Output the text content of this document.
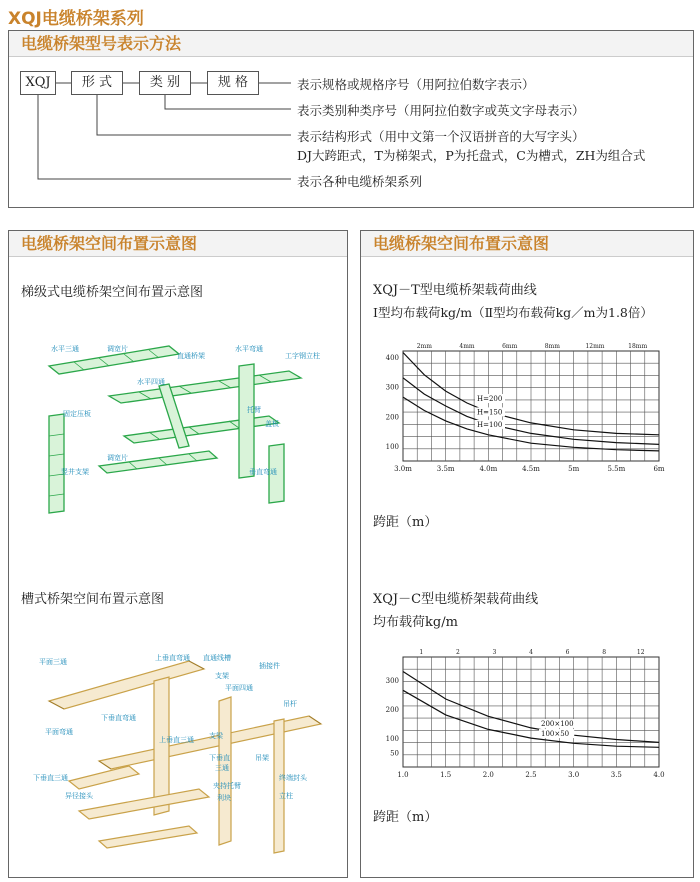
XQJ电缆桥架系列
电缆桥架型号表示方法
XQJ	形 式	类 别	规 格	表示规格或规格序号（用阿拉伯数字表示）
表示类别种类序号（用阿拉伯数字或英文字母表示）
表示结构形式（用中文第一个汉语拼音的大写字头）
DJ大跨距式，T为梯架式，P为托盘式，C为槽式，ZH为组合式
表示各种电缆桥架系列
电缆桥架空间布置示意图
梯级式电缆桥架空间布置示意图
水平三通	调宽片
直通桥架
水平弯通
工字钢立柱
水平四通
托臂
固定压板
盖板
调宽片
竖井支架	垂直弯通
槽式桥架空间布置示意图
平面三通	上垂直弯通 直通线槽
插接件
支架
平面四通
吊杆
下垂直弯通
平面弯通
上垂直三通 支梁
下垂直三通
下垂直
三通
吊架
夹持托臂
异径接头	利块
终端封头
立柱
电缆桥架空间布置示意图
XQJ－T型电缆桥架载荷曲线
Ⅰ型均布载荷kg/m（Ⅱ型均布载荷kg／m为1.8倍）
3.0m	3.5m	4.0m	4.5m	5m	5.5m	6m
2mm	4mm	6mm	8mm	12mm	18mm
100
200
300
400
H=200
H=150
H=100
跨距（m）
XQJ－C型电缆桥架载荷曲线
均布载荷kg/m
1.0	1.5	2.0	2.5	3.0	3.5	4.0
1	2	3	4	6	8	12
50
100
200
300
200×100
100×50
跨距（m）
